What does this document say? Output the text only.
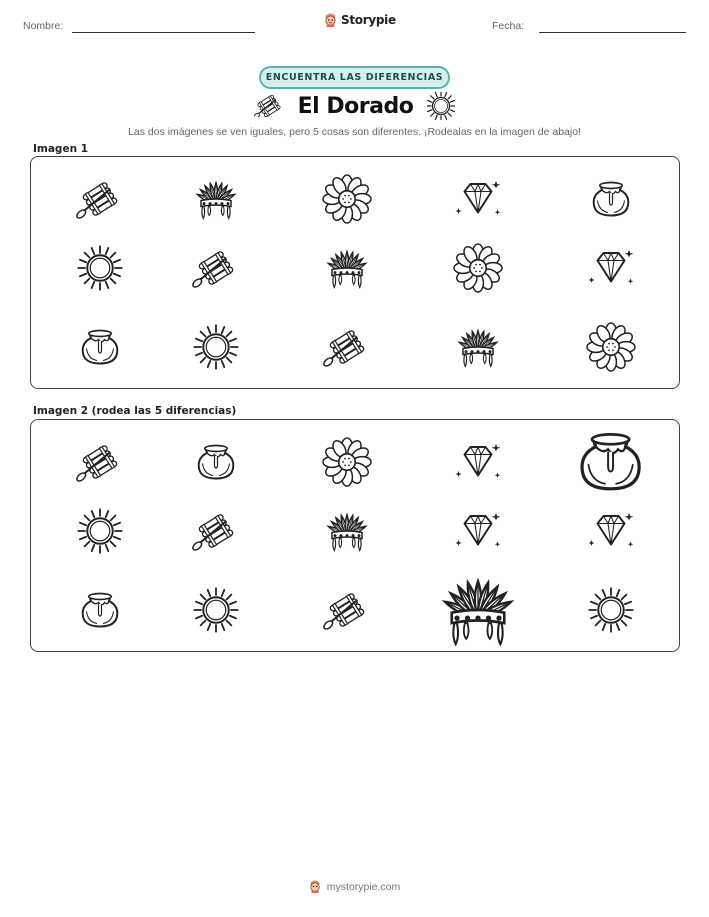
Nombre:	Storypie	Fecha:
ENCUENTRA LAS DIFERENCIAS
El Dorado

Las dos imágenes se ven iguales, pero 5 cosas son diferentes. ¡Rodealas en la imagen de abajo!

Imagen 1
Imagen 2 (rodea las 5 diferencias)
mystorypie.com
